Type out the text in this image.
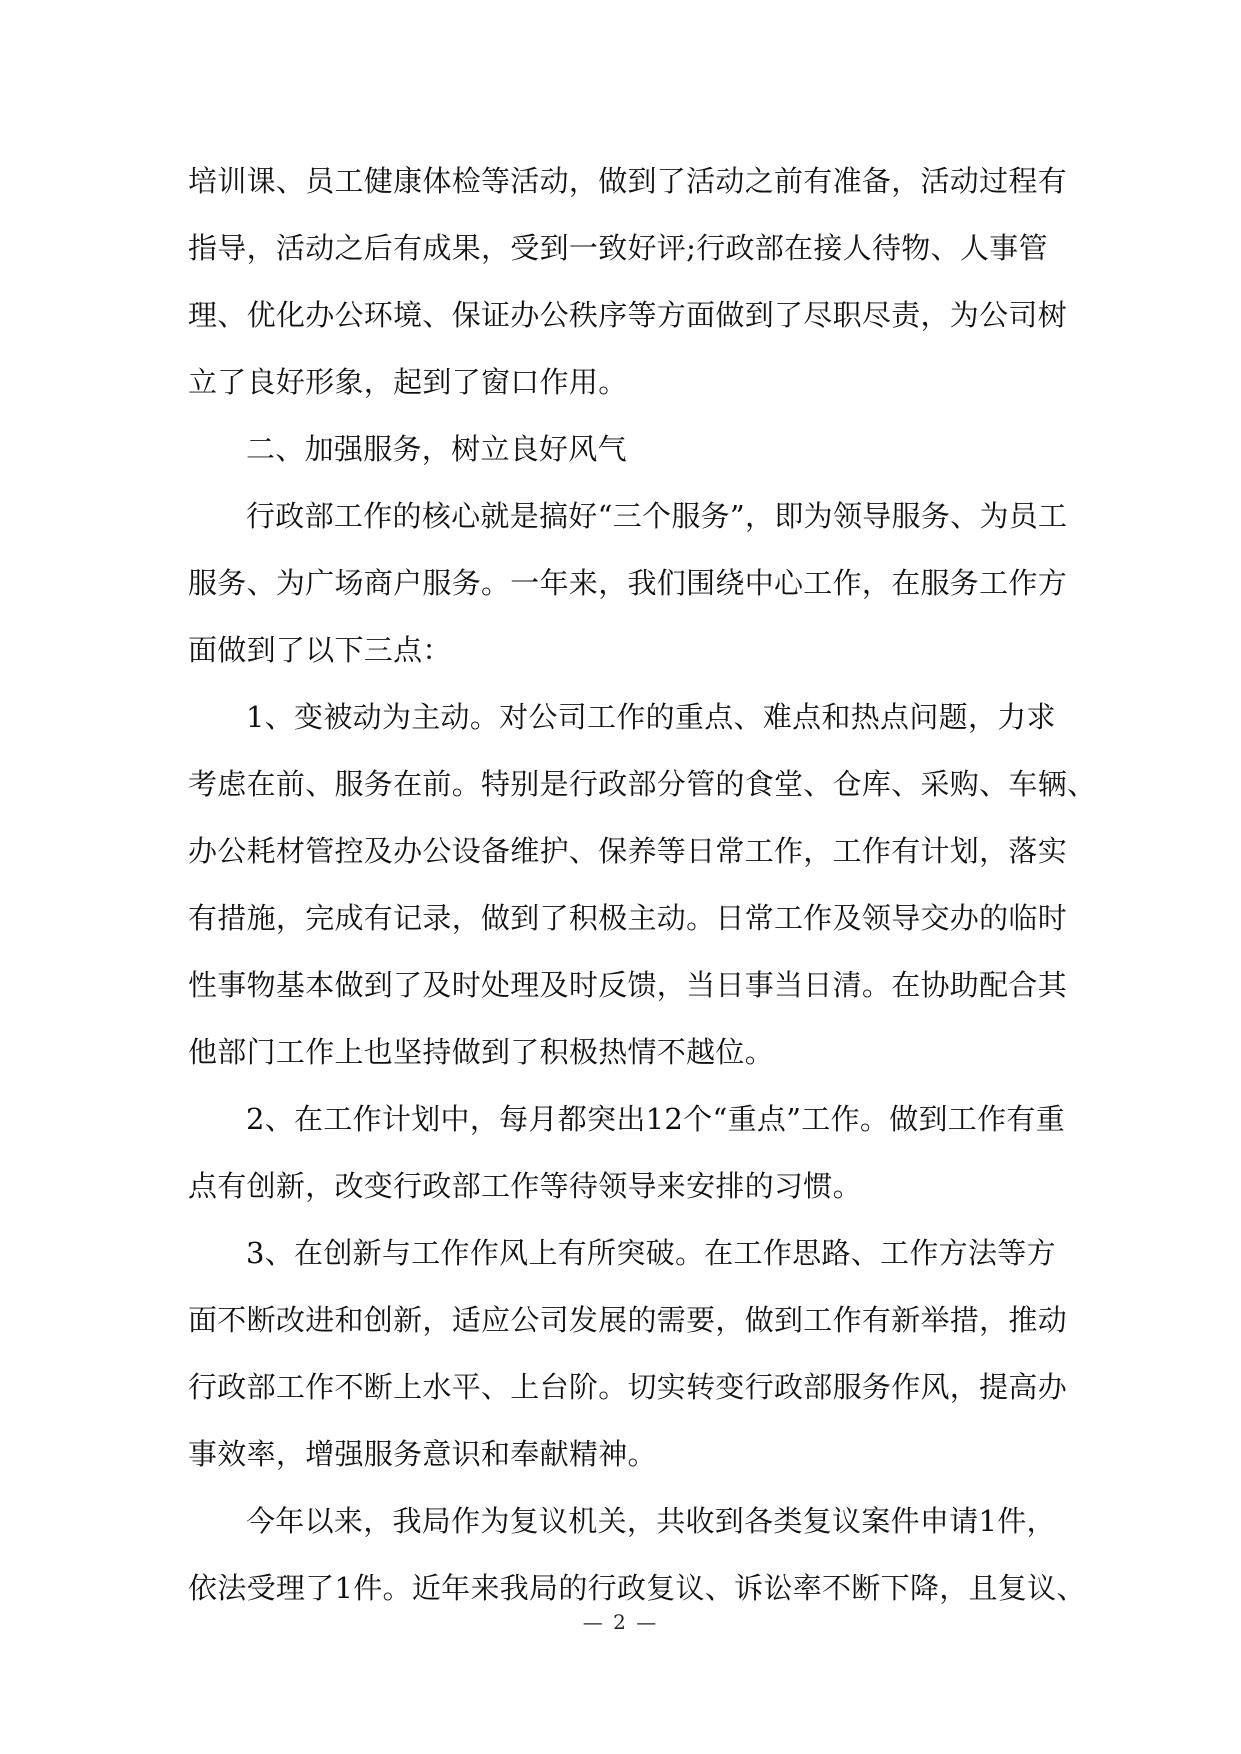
培训课、员工健康体检等活动，做到了活动之前有准备，活动过程有
指导，活动之后有成果，受到一致好评;行政部在接人待物、人事管
理、优化办公环境、保证办公秩序等方面做到了尽职尽责，为公司树
立了良好形象，起到了窗口作用。
二、加强服务，树立良好风气
行政部工作的核心就是搞好“三个服务”，即为领导服务、为员工
服务、为广场商户服务。一年来，我们围绕中心工作，在服务工作方
面做到了以下三点：
1、变被动为主动。对公司工作的重点、难点和热点问题，力求
考虑在前、服务在前。特别是行政部分管的食堂、仓库、采购、车辆、
办公耗材管控及办公设备维护、保养等日常工作，工作有计划，落实
有措施，完成有记录，做到了积极主动。日常工作及领导交办的临时
性事物基本做到了及时处理及时反馈，当日事当日清。在协助配合其
他部门工作上也坚持做到了积极热情不越位。
2、在工作计划中，每月都突出12个“重点”工作。做到工作有重
点有创新，改变行政部工作等待领导来安排的习惯。
3、在创新与工作作风上有所突破。在工作思路、工作方法等方
面不断改进和创新，适应公司发展的需要，做到工作有新举措，推动
行政部工作不断上水平、上台阶。切实转变行政部服务作风，提高办
事效率，增强服务意识和奉献精神。
今年以来，我局作为复议机关，共收到各类复议案件申请1件，
依法受理了1件。近年来我局的行政复议、诉讼率不断下降，且复议、
— 2 —
